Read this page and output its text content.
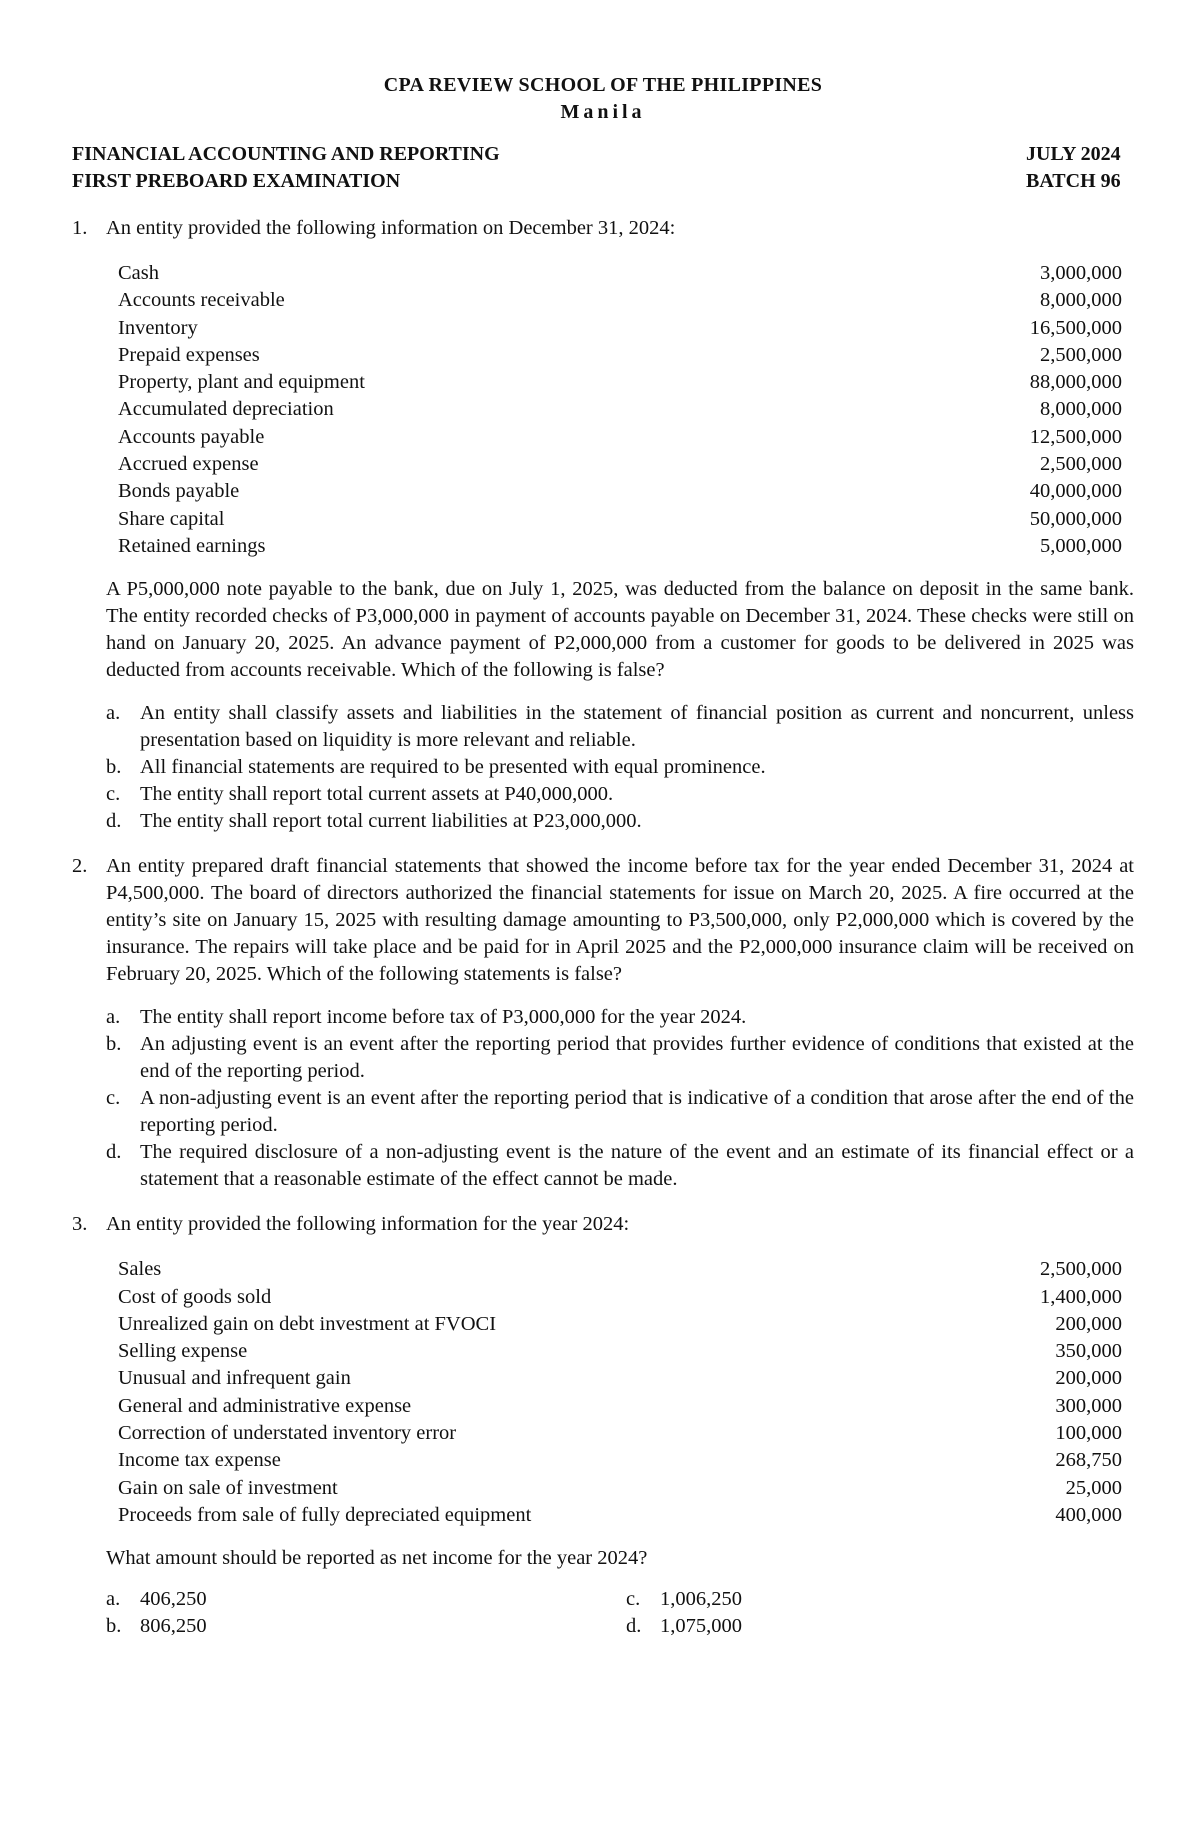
CPA REVIEW SCHOOL OF THE PHILIPPINES
Manila
FINANCIAL ACCOUNTING AND REPORTING
FIRST PREBOARD EXAMINATION
JULY 2024
BATCH 96
1. An entity provided the following information on December 31, 2024:
Cash	3,000,000
Accounts receivable	8,000,000
Inventory	16,500,000
Prepaid expenses	2,500,000
Property, plant and equipment	88,000,000
Accumulated depreciation	8,000,000
Accounts payable	12,500,000
Accrued expense	2,500,000
Bonds payable	40,000,000
Share capital	50,000,000
Retained earnings	5,000,000
A P5,000,000 note payable to the bank, due on July 1, 2025, was deducted from the balance on deposit in the same bank. The entity recorded checks of P3,000,000 in payment of accounts payable on December 31, 2024. These checks were still on hand on January 20, 2025. An advance payment of P2,000,000 from a customer for goods to be delivered in 2025 was deducted from accounts receivable. Which of the following is false?
a. An entity shall classify assets and liabilities in the statement of financial position as current and noncurrent, unless presentation based on liquidity is more relevant and reliable.
b. All financial statements are required to be presented with equal prominence.
c. The entity shall report total current assets at P40,000,000.
d. The entity shall report total current liabilities at P23,000,000.
2. An entity prepared draft financial statements that showed the income before tax for the year ended December 31, 2024 at P4,500,000. The board of directors authorized the financial statements for issue on March 20, 2025. A fire occurred at the entity’s site on January 15, 2025 with resulting damage amounting to P3,500,000, only P2,000,000 which is covered by the insurance. The repairs will take place and be paid for in April 2025 and the P2,000,000 insurance claim will be received on February 20, 2025. Which of the following statements is false?
a. The entity shall report income before tax of P3,000,000 for the year 2024.
b. An adjusting event is an event after the reporting period that provides further evidence of conditions that existed at the end of the reporting period.
c. A non-adjusting event is an event after the reporting period that is indicative of a condition that arose after the end of the reporting period.
d. The required disclosure of a non-adjusting event is the nature of the event and an estimate of its financial effect or a statement that a reasonable estimate of the effect cannot be made.
3. An entity provided the following information for the year 2024:
Sales	2,500,000
Cost of goods sold	1,400,000
Unrealized gain on debt investment at FVOCI	200,000
Selling expense	350,000
Unusual and infrequent gain	200,000
General and administrative expense	300,000
Correction of understated inventory error	100,000
Income tax expense	268,750
Gain on sale of investment	25,000
Proceeds from sale of fully depreciated equipment	400,000
What amount should be reported as net income for the year 2024?
a. 406,250	c. 1,006,250
b. 806,250	d. 1,075,000
